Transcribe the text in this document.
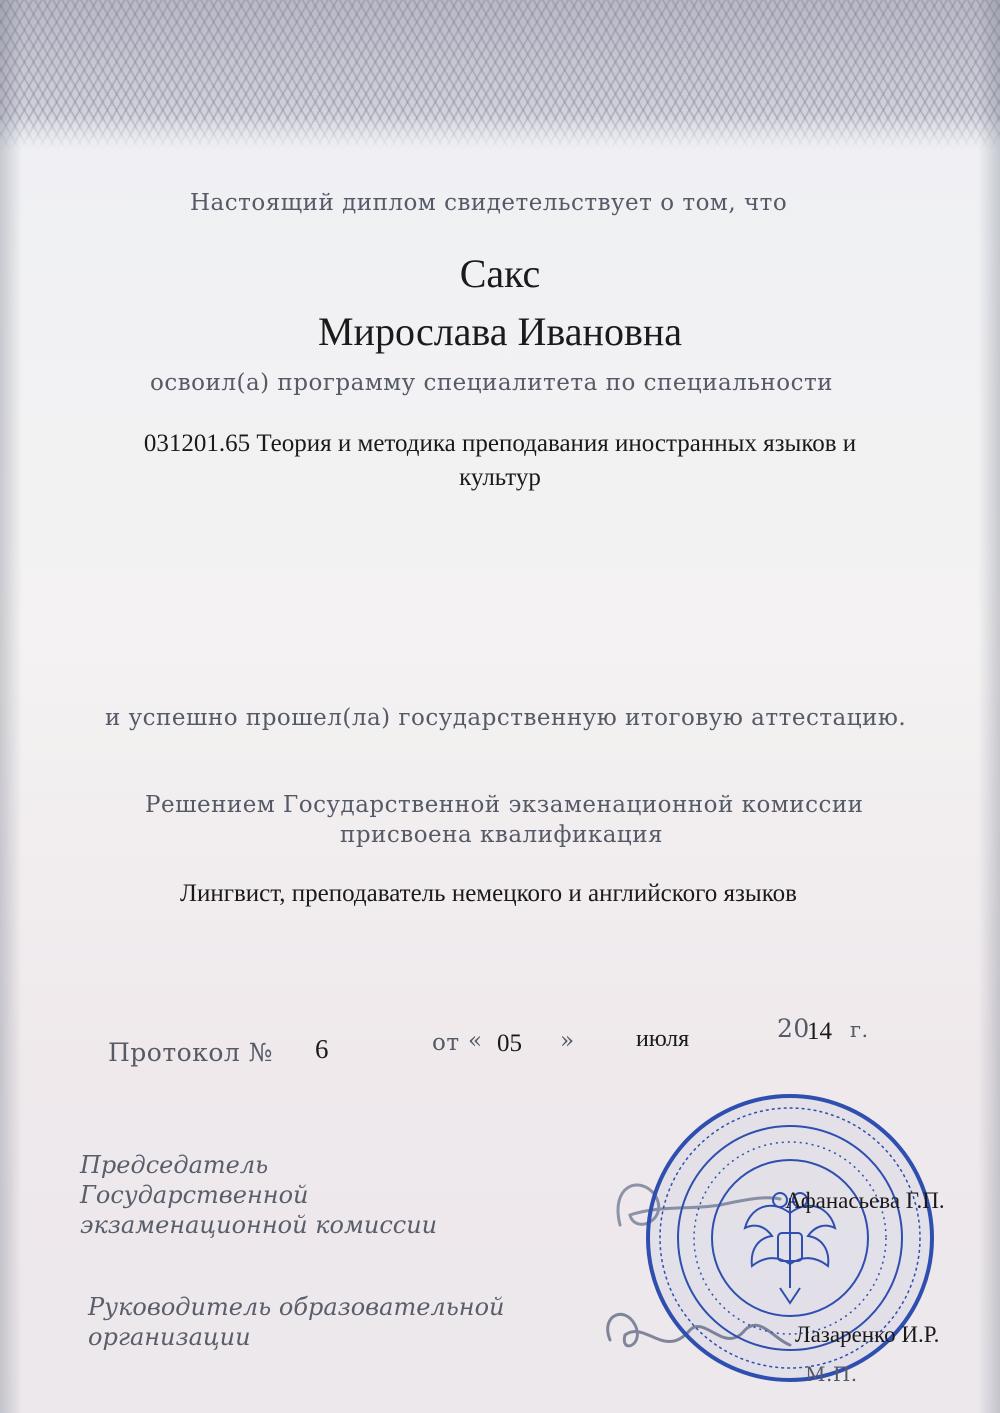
Настоящий диплом свидетельствует о том, что
Сакс
Мирослава Ивановна
освоил(а) программу специалитета по специальности
031201.65 Теория и методика преподавания иностранных языков и
культур
и успешно прошел(ла) государственную итоговую аттестацию.
Решением Государственной экзаменационной комиссии
присвоена квалификация
Лингвист, преподаватель немецкого и английского языков
Протокол № 6	от « 05 »	июля	20
14 г.
Председатель
Государственной
экзаменационной комиссии
Руководитель образовательной
организации
Афанасьева Г.П.
Лазаренко И.Р.
М.П.
